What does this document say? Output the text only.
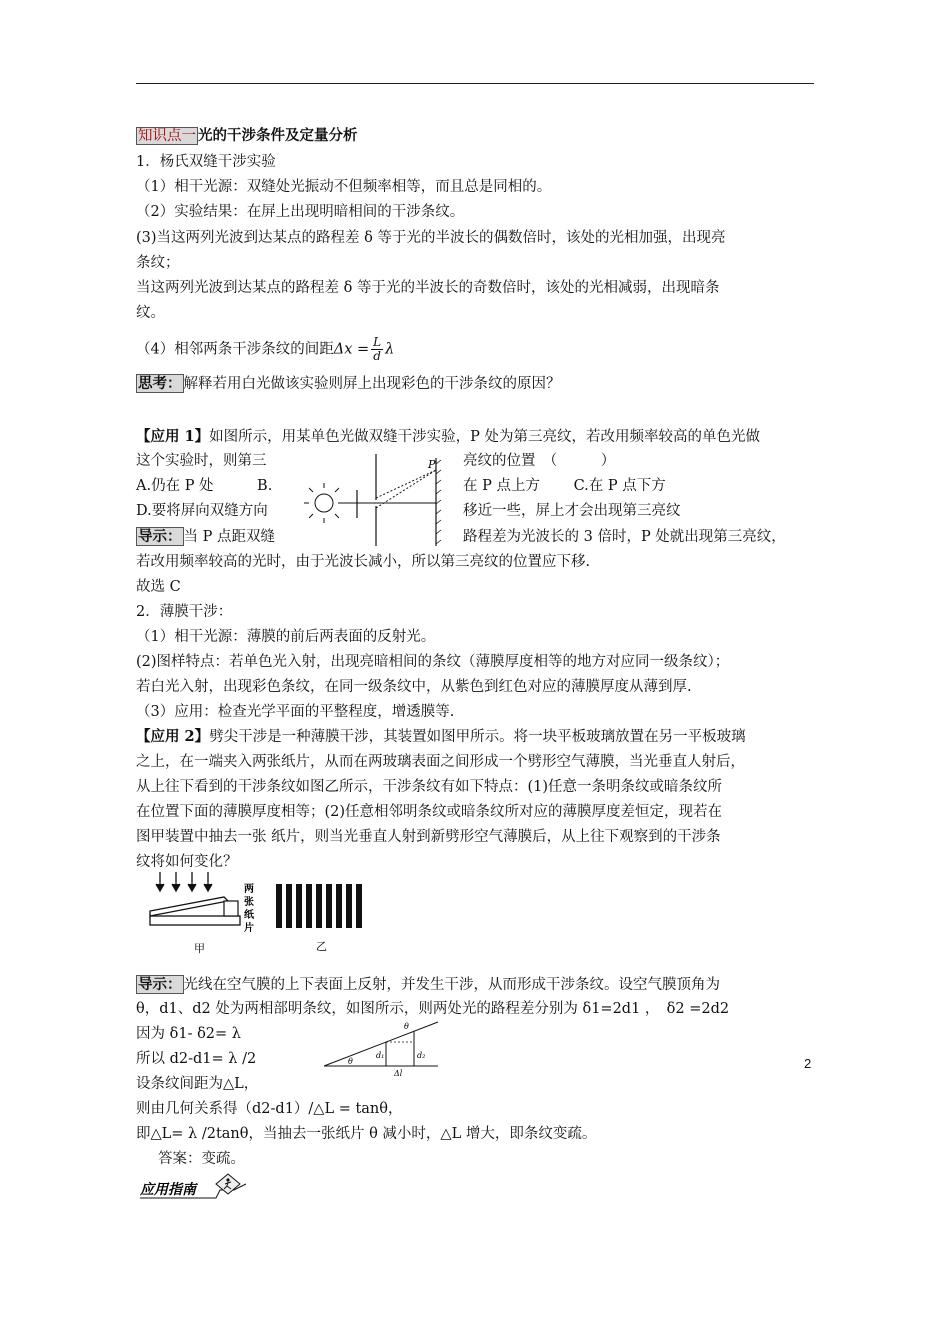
知识点一 光的干涉条件及定量分析
1．杨氏双缝干涉实验
（1）相干光源：双缝处光振动不但频率相等，而且总是同相的。
（2）实验结果：在屏上出现明暗相间的干涉条纹。
(3)当这两列光波到达某点的路程差 δ 等于光的半波长的偶数倍时，该处的光相加强，出现亮
条纹；
当这两列光波到达某点的路程差 δ 等于光的半波长的奇数倍时，该处的光相减弱，出现暗条
纹。
（4）相邻两条干涉条纹的间距$\Delta x = \frac{L}{d}$ λ
思考： 解释若用白光做该实验则屏上出现彩色的干涉条纹的原因？
【应用 1】如图所示，用某单色光做双缝干涉实验，P 处为第三亮纹，若改用频率较高的单色光做
这个实验时，则第三	亮纹的位置　（　　　）
A.仍在 P 处　　　B.	在 P 点上方　　 C.在 P 点下方
D.要将屏向双缝方向	移近一些，屏上才会出现第三亮纹
导示： 当 P 点距双缝	路程差为光波长的 3 倍时，P 处就出现第三亮纹，
若改用频率较高的光时，由于光波长减小，所以第三亮纹的位置应下移.
故选 C
P
2．薄膜干涉：
（1）相干光源：薄膜的前后两表面的反射光。
(2)图样特点：若单色光入射，出现亮暗相间的条纹（薄膜厚度相等的地方对应同一级条纹）；
若白光入射，出现彩色条纹，在同一级条纹中，从紫色到红色对应的薄膜厚度从薄到厚.
（3）应用：检查光学平面的平整程度，增透膜等.
【应用 2】劈尖干涉是一种薄膜干涉，其装置如图甲所示。将一块平板玻璃放置在另一平板玻璃
之上，在一端夹入两张纸片，从而在两玻璃表面之间形成一个劈形空气薄膜，当光垂直人射后，
从上往下看到的干涉条纹如图乙所示，干涉条纹有如下特点：(1)任意一条明条纹或暗条纹所
在位置下面的薄膜厚度相等；(2)任意相邻明条纹或暗条纹所对应的薄膜厚度差恒定，现若在
图甲装置中抽去一张 纸片，则当光垂直人射到新劈形空气薄膜后，从上往下观察到的干涉条
纹将如何变化？
两
张
纸
片
甲	乙
导示： 光线在空气膜的上下表面上反射，并发生干涉，从而形成干涉条纹。设空气膜顶角为
θ，d1、d2 处为两相部明条纹，如图所示，则两处光的路程差分别为 δ1=2d1 ，　δ2 =2d2
因为 δ1- δ2= λ
所以 d2-d1= λ /2
设条纹间距为△L，
则由几何关系得（d2-d1）/△L = tanθ，
即△L= λ /2tanθ，当抽去一张纸片 θ 减小时，△L 增大，即条纹变疏。
答案：变疏。
θ
θ
d₁	d₂
Δl
应用指南
2
